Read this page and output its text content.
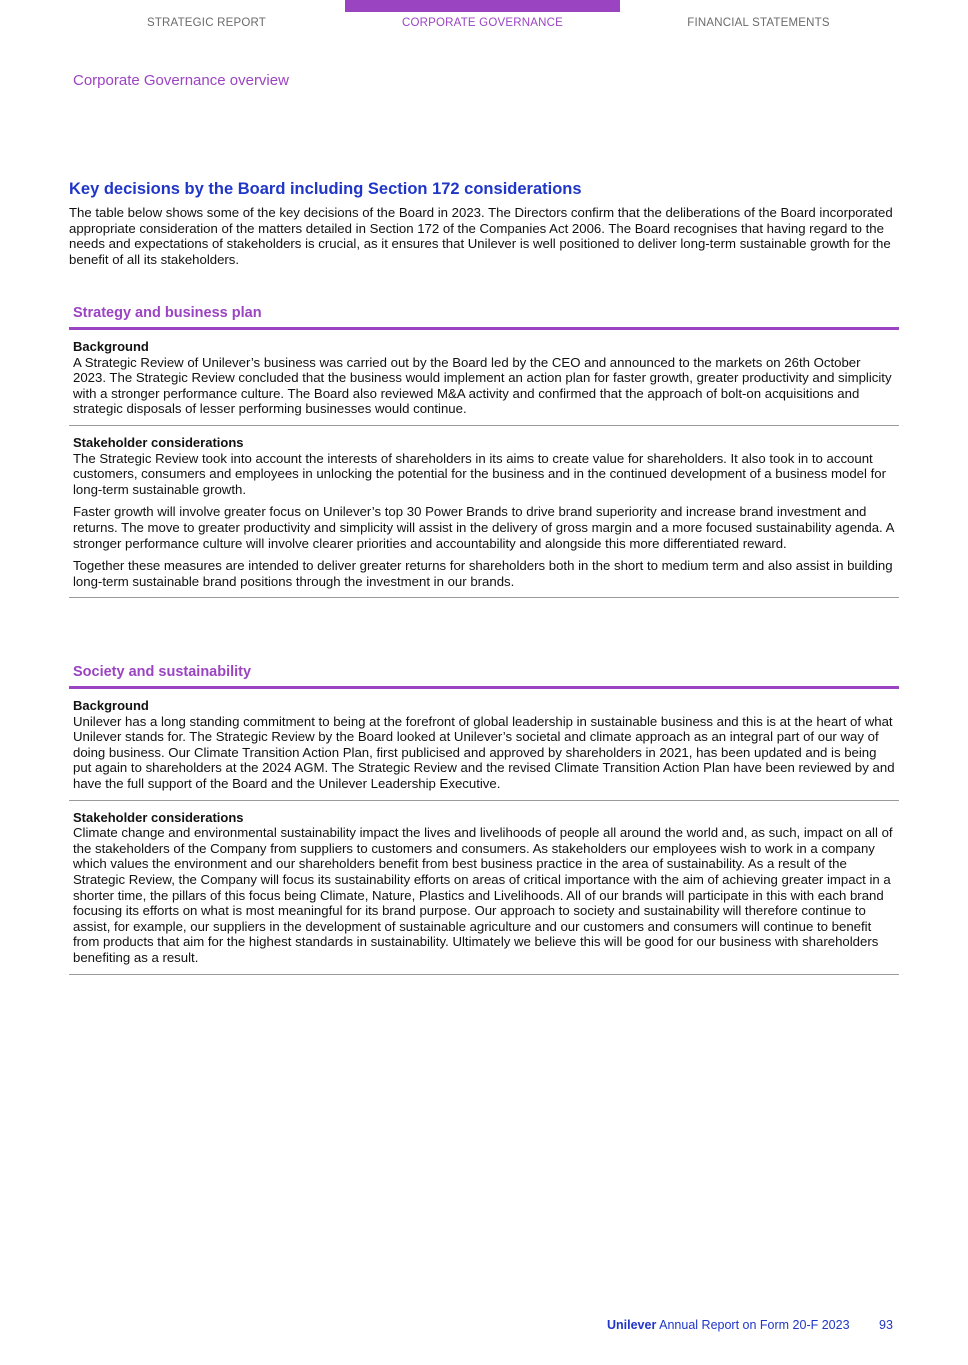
STRATEGIC REPORT	CORPORATE GOVERNANCE	FINANCIAL STATEMENTS
Corporate Governance overview
Key decisions by the Board including Section 172 considerations

The table below shows some of the key decisions of the Board in 2023. The Directors confirm that the deliberations of the Board incorporated appropriate consideration of the matters detailed in Section 172 of the Companies Act 2006. The Board recognises that having regard to the needs and expectations of stakeholders is crucial, as it ensures that Unilever is well positioned to deliver long-term sustainable growth for the benefit of all its stakeholders.

Strategy and business plan
Background

A Strategic Review of Unilever’s business was carried out by the Board led by the CEO and announced to the markets on 26th October 2023. The Strategic Review concluded that the business would implement an action plan for faster growth, greater productivity and simplicity with a stronger performance culture. The Board also reviewed M&A activity and confirmed that the approach of bolt-on acquisitions and strategic disposals of lesser performing businesses would continue.

Stakeholder considerations

The Strategic Review took into account the interests of shareholders in its aims to create value for shareholders. It also took in to account customers, consumers and employees in unlocking the potential for the business and in the continued development of a business model for long-term sustainable growth.

Faster growth will involve greater focus on Unilever’s top 30 Power Brands to drive brand superiority and increase brand investment and returns. The move to greater productivity and simplicity will assist in the delivery of gross margin and a more focused sustainability agenda. A stronger performance culture will involve clearer priorities and accountability and alongside this more differentiated reward.

Together these measures are intended to deliver greater returns for shareholders both in the short to medium term and also assist in building long-term sustainable brand positions through the investment in our brands.

Society and sustainability
Background

Unilever has a long standing commitment to being at the forefront of global leadership in sustainable business and this is at the heart of what Unilever stands for. The Strategic Review by the Board looked at Unilever’s societal and climate approach as an integral part of our way of doing business. Our Climate Transition Action Plan, first publicised and approved by shareholders in 2021, has been updated and is being put again to shareholders at the 2024 AGM. The Strategic Review and the revised Climate Transition Action Plan have been reviewed by and have the full support of the Board and the Unilever Leadership Executive.

Stakeholder considerations

Climate change and environmental sustainability impact the lives and livelihoods of people all around the world and, as such, impact on all of the stakeholders of the Company from suppliers to customers and consumers. As stakeholders our employees wish to work in a company which values the environment and our shareholders benefit from best business practice in the area of sustainability. As a result of the Strategic Review, the Company will focus its sustainability efforts on areas of critical importance with the aim of achieving greater impact in a shorter time, the pillars of this focus being Climate, Nature, Plastics and Livelihoods. All of our brands will participate in this with each brand focusing its efforts on what is most meaningful for its brand purpose. Our approach to society and sustainability will therefore continue to assist, for example, our suppliers in the development of sustainable agriculture and our customers and consumers will continue to benefit from products that aim for the highest standards in sustainability. Ultimately we believe this will be good for our business with shareholders benefiting as a result.

Unilever Annual Report on Form 20-F 2023 93
